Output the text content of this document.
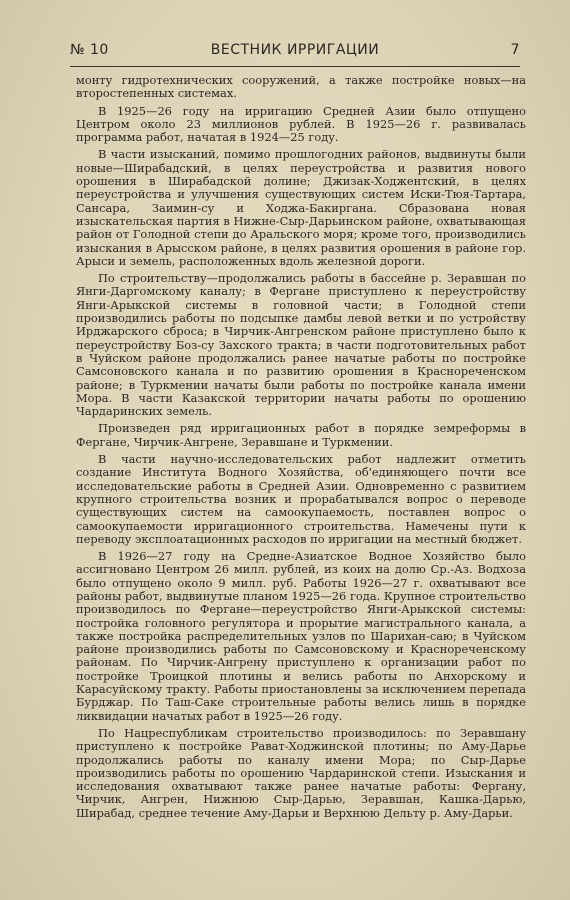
№ 10	ВЕСТНИК ИРРИГАЦИИ	7

монту гидротехнических сооружений, а также постройке новых—на второстепенных системах.

В 1925—26 году на ирригацию Средней Азии было отпущено Центром около 23 миллионов рублей. В 1925—26 г. развивалась программа работ, начатая в 1924—25 году.

В части изысканий, помимо прошлогодних районов, выдвинуты были новые—Ширабадский, в целях переустройства и развития нового орошения в Ширабадской долине; Джизак-Ходжентский, в целях переустройства и улучшения существующих систем Иски-Тюя-Тартара, Сансара, Заимин-су и Ходжа-Бакиргана. Сбразована новая изыскательская партия в Нижне-Сыр-Дарьинском районе, охватывающая район от Голодной степи до Аральского моря; кроме того, производились изыскания в Арысском районе, в целях развития орошения в районе гор. Арыси и земель, расположенных вдоль железной дороги.

По строительству—продолжались работы в бассейне р. Зеравшан по Янги-Даргомскому каналу; в Фергане приступлено к переустройству Янги-Арыкской системы в головной части; в Голодной степи производились работы по подсыпке дамбы левой ветки и по устройству Ирджарского сброса; в Чирчик-Ангренском районе приступлено было к переустройству Боз-су Захского тракта; в части подготовительных работ в Чуйском районе продолжались ранее начатые работы по постройке Самсоновского канала и по развитию орошения в Краснореченском районе; в Туркмении начаты были работы по постройке канала имени Мора. В части Казакской территории начаты работы по орошению Чардаринских земель.

Произведен ряд ирригационных работ в порядке земреформы в Фергане, Чирчик-Ангрене, Зеравшане и Туркмении.

В части научно-исследовательских работ надлежит отметить создание Института Водного Хозяйства, об'единяющего почти все исследовательские работы в Средней Азии. Одновременно с развитием крупного строительства возник и прорабатывался вопрос о переводе существующих систем на самоокупаемость, поставлен вопрос о самоокупаемости ирригационного строительства. Намечены пути к переводу эксплоатационных расходов по ирригации на местный бюджет.

В 1926—27 году на Средне-Азиатское Водное Хозяйство было ассигновано Центром 26 милл. рублей, из коих на долю Ср.-Аз. Водхоза было отпущено около 9 милл. руб. Работы 1926—27 г. охватывают все районы работ, выдвинутые планом 1925—26 года. Крупное строительство производилось по Фергане—переустройство Янги-Арыкской системы: постройка головного регулятора и прорытие магистрального канала, а также постройка распределительных узлов по Шарихан-саю; в Чуйском районе производились работы по Самсоновскому и Краснореченскому районам. По Чирчик-Ангрену приступлено к организации работ по постройке Троицкой плотины и велись работы по Анхорскому и Карасуйскому тракту. Работы приостановлены за исключением перепада Бурджар. По Таш-Саке строительные работы велись лишь в порядке ликвидации начатых работ в 1925—26 году.

По Нацреспубликам строительство производилось: по Зеравшану приступлено к постройке Рават-Ходжинской плотины; по Аму-Дарье продолжались работы по каналу имени Мора; по Сыр-Дарье производились работы по орошению Чардаринской степи. Изыскания и исследования охватывают также ранее начатые работы: Фергану, Чирчик, Ангрен, Нижнюю Сыр-Дарью, Зеравшан, Кашка-Дарью, Ширабад, среднее течение Аму-Дарьи и Верхнюю Дельту р. Аму-Дарьи.
